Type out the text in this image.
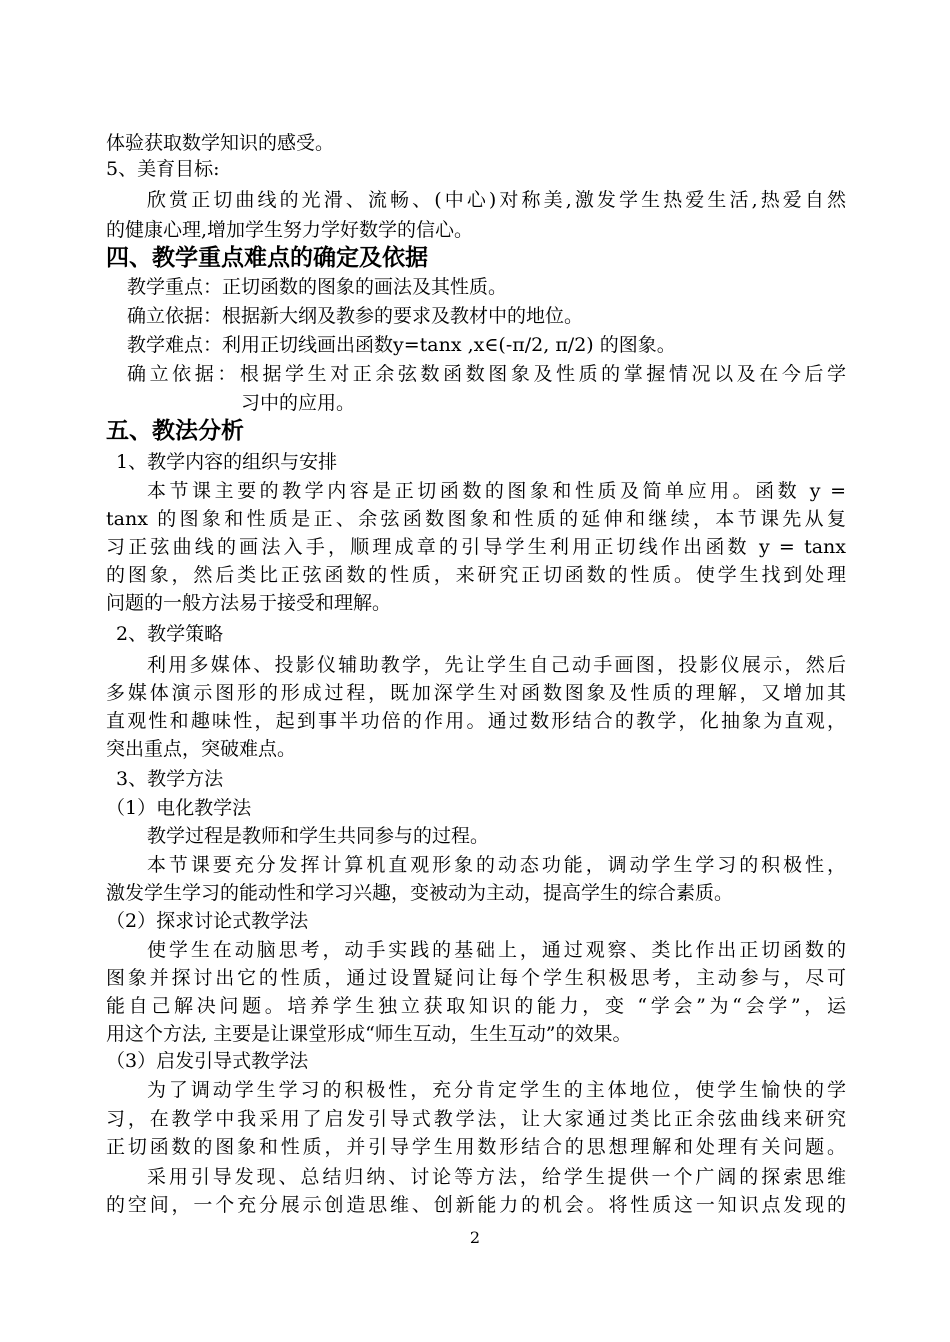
体验获取数学知识的感受。
5、美育目标:
欣赏正切曲线的光滑、流畅、(中心)对称美,激发学生热爱生活,热爱自然
的健康心理,增加学生努力学好数学的信心。
四、教学重点难点的确定及依据
教学重点：正切函数的图象的画法及其性质。
确立依据：根据新大纲及教参的要求及教材中的地位。
教学难点：利用正切线画出函数y=tanx ,x∈(-π/2, π/2) 的图象。
确立依据：根据学生对正余弦数函数图象及性质的掌握情况以及在今后学
习中的应用。
五、教法分析
1、教学内容的组织与安排
本节课主要的教学内容是正切函数的图象和性质及简单应用。函数 y =
tanx 的图象和性质是正、余弦函数图象和性质的延伸和继续，本节课先从复
习正弦曲线的画法入手，顺理成章的引导学生利用正切线作出函数 y = tanx
的图象，然后类比正弦函数的性质，来研究正切函数的性质。使学生找到处理
问题的一般方法易于接受和理解。
2、教学策略
利用多媒体、投影仪辅助教学，先让学生自己动手画图，投影仪展示，然后
多媒体演示图形的形成过程，既加深学生对函数图象及性质的理解，又增加其
直观性和趣味性，起到事半功倍的作用。通过数形结合的教学，化抽象为直观，
突出重点，突破难点。
3、教学方法
（1）电化教学法
教学过程是教师和学生共同参与的过程。
本节课要充分发挥计算机直观形象的动态功能，调动学生学习的积极性，
激发学生学习的能动性和学习兴趣，变被动为主动，提高学生的综合素质。
（2）探求讨论式教学法
使学生在动脑思考，动手实践的基础上，通过观察、类比作出正切函数的
图象并探讨出它的性质，通过设置疑问让每个学生积极思考，主动参与，尽可
能自己解决问题。培养学生独立获取知识的能力，变 “学会”为“会学”，运
用这个方法, 主要是让课堂形成“师生互动，生生互动”的效果。
（3）启发引导式教学法
为了调动学生学习的积极性，充分肯定学生的主体地位，使学生愉快的学
习，在教学中我采用了启发引导式教学法，让大家通过类比正余弦曲线来研究
正切函数的图象和性质，并引导学生用数形结合的思想理解和处理有关问题。
采用引导发现、总结归纳、讨论等方法，给学生提供一个广阔的探索思维
的空间，一个充分展示创造思维、创新能力的机会。将性质这一知识点发现的
2
